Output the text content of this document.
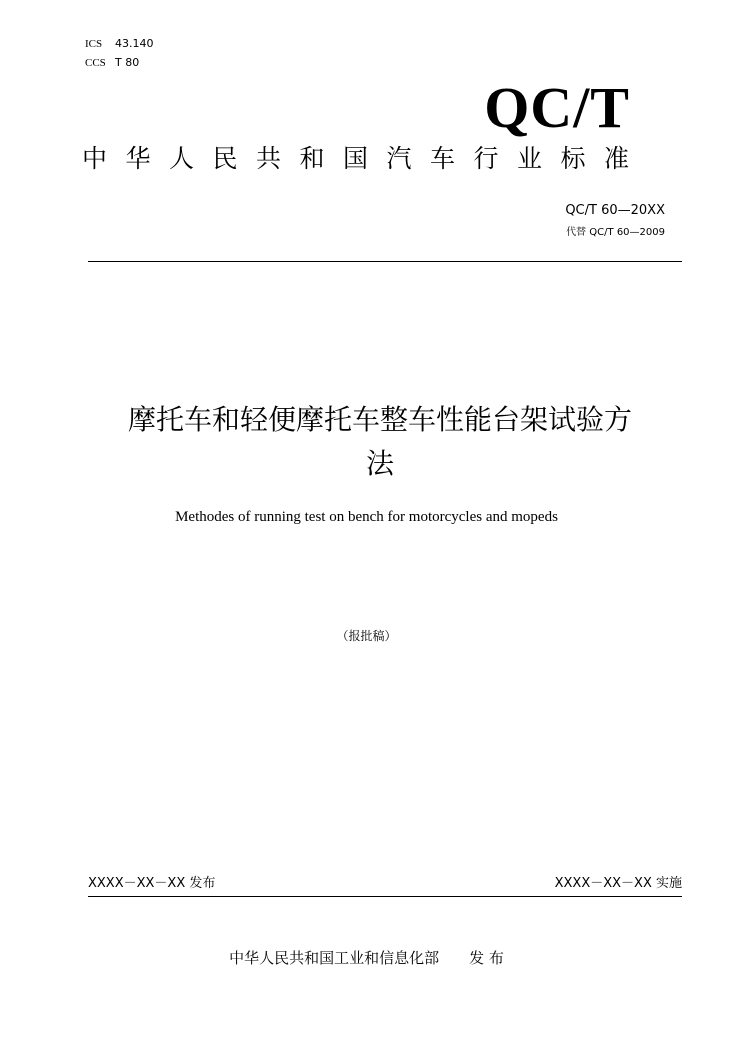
ICS 43.140
CCS T 80
QC/T
中华人民共和国汽车行业标准
QC/T 60—20XX
代替 QC/T 60—2009
摩托车和轻便摩托车整车性能台架试验方
法
Methodes of running test on bench for motorcycles and mopeds
（报批稿）
XXXX－XX－XX 发布	XXXX－XX－XX 实施
中华人民共和国工业和信息化部　　发 布
